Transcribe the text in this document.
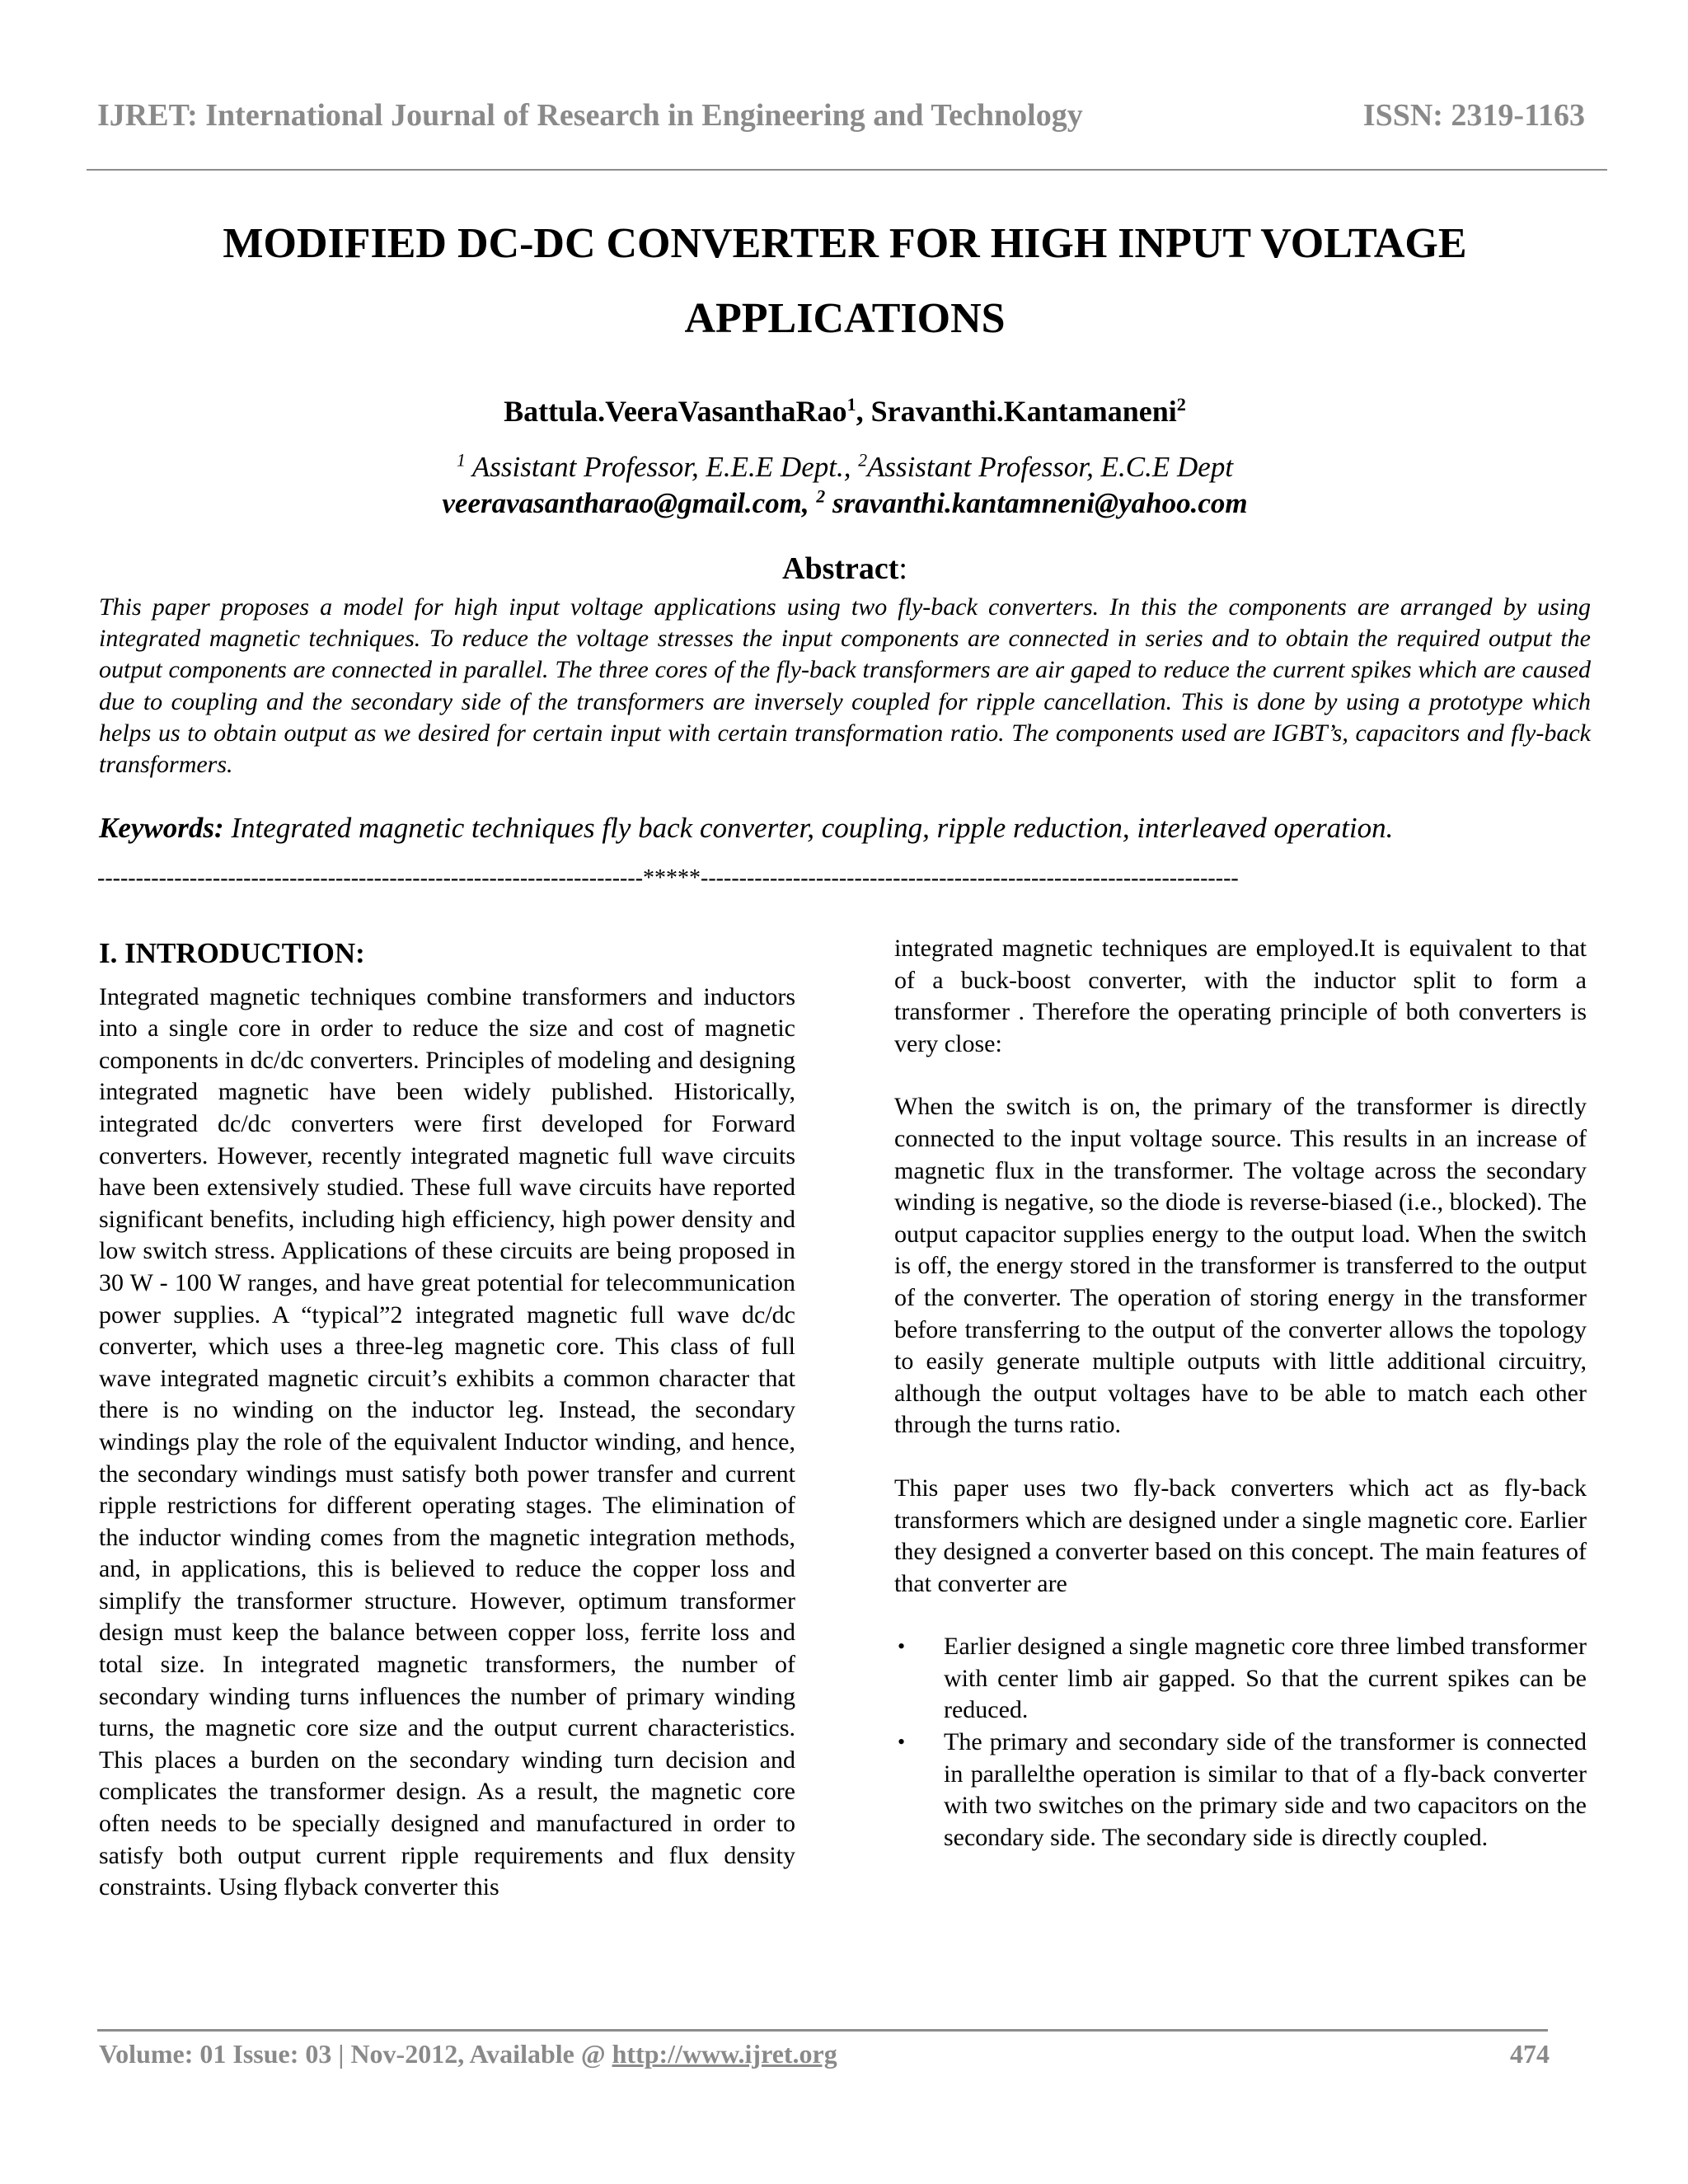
IJRET: International Journal of Research in Engineering and Technology	ISSN: 2319-1163
MODIFIED DC-DC CONVERTER FOR HIGH INPUT VOLTAGE
APPLICATIONS
Battula.VeeraVasanthaRao$^1$, Sravanthi.Kantamaneni$^2$
$^1$ Assistant Professor, E.E.E Dept., $^2$Assistant Professor, E.C.E Dept
veeravasantharao@gmail.com, $^2$ sravanthi.kantamneni@yahoo.com
Abstract:
This paper proposes a model for high input voltage applications using two fly-back converters. In this the components are arranged by using integrated magnetic techniques. To reduce the voltage stresses the input components are connected in series and to obtain the required output the output components are connected in parallel. The three cores of the fly-back transformers are air gaped to reduce the current spikes which are caused due to coupling and the secondary side of the transformers are inversely coupled for ripple cancellation. This is done by using a prototype which helps us to obtain output as we desired for certain input with certain transformation ratio. The components used are IGBT’s, capacitors and fly-back transformers.
Keywords: Integrated magnetic techniques fly back converter, coupling, ripple reduction, interleaved operation.
-----------------------------------------------------------------------*****----------------------------------------------------------------------
I. INTRODUCTION:

Integrated magnetic techniques combine transformers and inductors into a single core in order to reduce the size and cost of magnetic components in dc/dc converters. Principles of modeling and designing integrated magnetic have been widely published. Historically, integrated dc/dc converters were first developed for Forward converters. However, recently integrated magnetic full wave circuits have been extensively studied. These full wave circuits have reported significant benefits, including high efficiency, high power density and low switch stress. Applications of these circuits are being proposed in 30 W - 100 W ranges, and have great potential for telecommunication power supplies. A “typical”2 integrated magnetic full wave dc/dc converter, which uses a three-leg magnetic core. This class of full wave integrated magnetic circuit’s exhibits a common character that there is no winding on the inductor leg. Instead, the secondary windings play the role of the equivalent Inductor winding, and hence, the secondary windings must satisfy both power transfer and current ripple restrictions for different operating stages. The elimination of the inductor winding comes from the magnetic integration methods, and, in applications, this is believed to reduce the copper loss and simplify the transformer structure. However, optimum transformer design must keep the balance between copper loss, ferrite loss and total size. In integrated magnetic transformers, the number of secondary winding turns influences the number of primary winding turns, the magnetic core size and the output current characteristics. This places a burden on the secondary winding turn decision and complicates the transformer design. As a result, the magnetic core often needs to be specially designed and manufactured in order to satisfy both output current ripple requirements and flux density constraints. Using flyback converter this

integrated magnetic techniques are employed.It is equivalent to that of a buck-boost converter, with the inductor split to form a transformer . Therefore the operating principle of both converters is very close:

When the switch is on, the primary of the transformer is directly connected to the input voltage source. This results in an increase of magnetic flux in the transformer. The voltage across the secondary winding is negative, so the diode is reverse-biased (i.e., blocked). The output capacitor supplies energy to the output load. When the switch is off, the energy stored in the transformer is transferred to the output of the converter. The operation of storing energy in the transformer before transferring to the output of the converter allows the topology to easily generate multiple outputs with little additional circuitry, although the output voltages have to be able to match each other through the turns ratio.

This paper uses two fly-back converters which act as fly-back transformers which are designed under a single magnetic core. Earlier they designed a converter based on this concept. The main features of that converter are

• Earlier designed a single magnetic core three limbed transformer with center limb air gapped. So that the current spikes can be reduced.
• The primary and secondary side of the transformer is connected in parallelthe operation is similar to that of a fly-back converter with two switches on the primary side and two capacitors on the secondary side. The secondary side is directly coupled.
Volume: 01 Issue: 03 | Nov-2012, Available @ http://www.ijret.org	474
